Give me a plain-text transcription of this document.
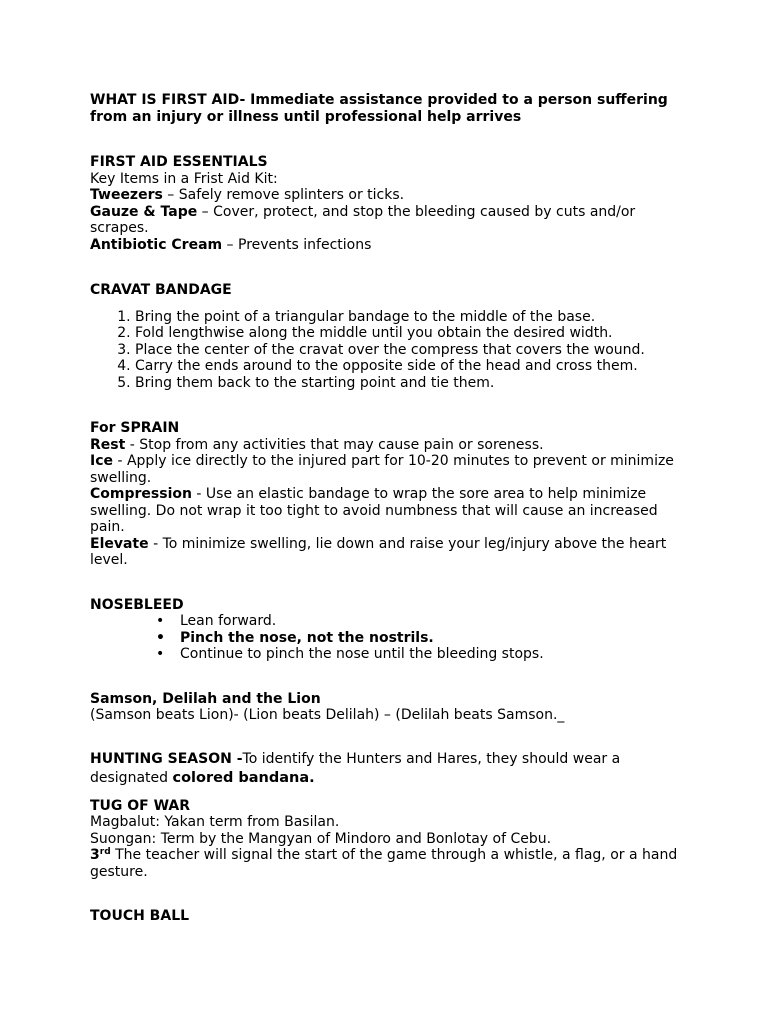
WHAT IS FIRST AID- Immediate assistance provided to a person suffering from an injury or illness until professional help arrives

FIRST AID ESSENTIALS
Key Items in a Frist Aid Kit:
Tweezers – Safely remove splinters or ticks.
Gauze & Tape – Cover, protect, and stop the bleeding caused by cuts and/or scrapes.
Antibiotic Cream – Prevents infections
CRAVAT BANDAGE
1. Bring the point of a triangular bandage to the middle of the base.
2. Fold lengthwise along the middle until you obtain the desired width.
3. Place the center of the cravat over the compress that covers the wound.
4. Carry the ends around to the opposite side of the head and cross them.
5. Bring them back to the starting point and tie them.
For SPRAIN
Rest - Stop from any activities that may cause pain or soreness.
Ice - Apply ice directly to the injured part for 10-20 minutes to prevent or minimize swelling.
Compression - Use an elastic bandage to wrap the sore area to help minimize swelling. Do not wrap it too tight to avoid numbness that will cause an increased pain.
Elevate - To minimize swelling, lie down and raise your leg/injury above the heart level.
NOSEBLEED
• Lean forward.
• Pinch the nose, not the nostrils.
• Continue to pinch the nose until the bleeding stops.
Samson, Delilah and the Lion
(Samson beats Lion)- (Lion beats Delilah) – (Delilah beats Samson._
HUNTING SEASON -To identify the Hunters and Hares, they should wear a designated colored bandana.
TUG OF WAR
Magbalut: Yakan term from Basilan.
Suongan: Term by the Mangyan of Mindoro and Bonlotay of Cebu.
3rd The teacher will signal the start of the game through a whistle, a flag, or a hand gesture.
TOUCH BALL
